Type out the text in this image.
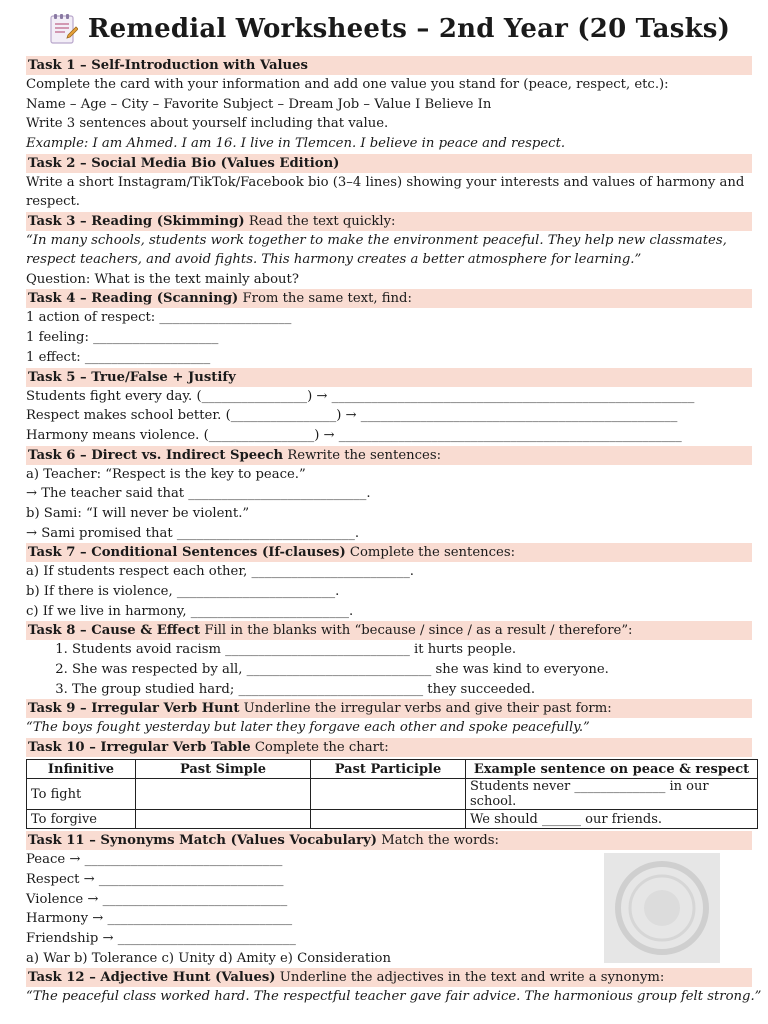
Remedial Worksheets – 2nd Year (20 Tasks)
Task 1 – Self-Introduction with Values
Complete the card with your information and add one value you stand for (peace, respect, etc.):
Name – Age – City – Favorite Subject – Dream Job – Value I Believe In
Write 3 sentences about yourself including that value.
Example: I am Ahmed. I am 16. I live in Tlemcen. I believe in peace and respect.
Task 2 – Social Media Bio (Values Edition)
Write a short Instagram/TikTok/Facebook bio (3–4 lines) showing your interests and values of harmony and respect.
Task 3 – Reading (Skimming) Read the text quickly:
“In many schools, students work together to make the environment peaceful. They help new classmates, respect teachers, and avoid fights. This harmony creates a better atmosphere for learning.”
Question: What is the text mainly about?
Task 4 – Reading (Scanning) From the same text, find:
1 action of respect: ____________________
1 feeling: ___________________
1 effect: ___________________
Task 5 – True/False + Justify
Students fight every day. (________________) → _______________________________________________________
Respect makes school better. (________________) → ________________________________________________
Harmony means violence. (________________) → ____________________________________________________
Task 6 – Direct vs. Indirect Speech Rewrite the sentences:
a) Teacher: “Respect is the key to peace.”
→ The teacher said that ___________________________.
b) Sami: “I will never be violent.”
→ Sami promised that ___________________________.
Task 7 – Conditional Sentences (If-clauses) Complete the sentences:
a) If students respect each other, ________________________.
b) If there is violence, ________________________.
c) If we live in harmony, ________________________.
Task 8 – Cause & Effect Fill in the blanks with “because / since / as a result / therefore”:
1. Students avoid racism ____________________________ it hurts people.
2. She was respected by all, ____________________________ she was kind to everyone.
3. The group studied hard; ____________________________ they succeeded.
Task 9 – Irregular Verb Hunt Underline the irregular verbs and give their past form:
“The boys fought yesterday but later they forgave each other and spoke peacefully.”
Task 10 – Irregular Verb Table Complete the chart:
Infinitive	Past Simple	Past Participle	Example sentence on peace & respect
To fight			Students never ______________ in our school.
To forgive			We should ______ our friends.
Task 11 – Synonyms Match (Values Vocabulary) Match the words:
Peace → ______________________________
Respect → ____________________________
Violence → ____________________________
Harmony → ____________________________
Friendship → ___________________________
a) War b) Tolerance c) Unity d) Amity e) Consideration
Task 12 – Adjective Hunt (Values) Underline the adjectives in the text and write a synonym:
“The peaceful class worked hard. The respectful teacher gave fair advice. The harmonious group felt strong.”
